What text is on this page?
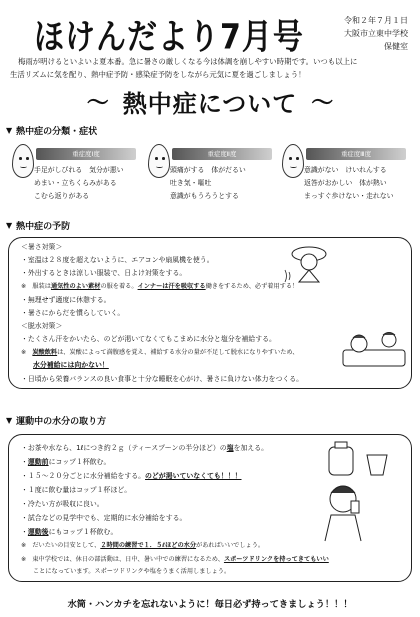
ほけんだより7月号	令和２年７月１日
大阪市立東中学校
保健室
梅雨が明けるといよいよ夏本番。急に暑さの厳しくなる今は体調を崩しやすい時期です。いつも以上に
生活リズムに気を配り、熱中症予防・感染症予防をしながら元気に夏を過ごしましょう！
〜 熱中症について 〜
▼ 熱中症の分類・症状
重症度Ⅰ度
手足がしびれる　気分が悪い
めまい・立ちくらみがある
こむら返りがある
重症度Ⅱ度
頭痛がする　体がだるい
吐き気・嘔吐
意識がもうろうとする
重症度Ⅲ度
意識がない　けいれんする
返答がおかしい　体が熱い
まっすぐ歩けない・走れない
▼ 熱中症の予防
＜暑さ対策＞
・室温は２８度を超えないように、エアコンや扇風機を使う。
・外出するときは涼しい服装で、日よけ対策をする。
※　服装は通気性のよい素材の服を着る。インナーは汗を吸収する働きをするため、必ず着用する！
・無理せず適度に休憩する。
・暑さにからだを慣らしていく。
＜脱水対策＞
・たくさん汗をかいたら、のどが渇いてなくてもこまめに水分と塩分を補給する。
※　炭酸飲料は、炭酸によって満腹感を覚え、補給する水分の量が不足して脱水になりやすいため、
水分補給には向かない！
・日頃から栄養バランスの良い食事と十分な睡眠を心がけ、暑さに負けない体力をつくる。
▼ 運動中の水分の取り方
・お茶や水なら、1ℓにつき約２ｇ（ティースプーンの半分ほど）の塩を加える。
・運動前にコップ１杯飲む。
・１５〜２０分ごとに水分補給をする。のどが渇いていなくても！！！
・１度に飲む量はコップ１杯ほど。
・冷たい方が吸収に良い。
・試合などの見学中でも、定期的に水分補給をする。
・運動後にもコップ１杯飲む。
※　だいたいの目安として、２時間の練習で１．５ℓほどの水分があればいいでしょう。
※　東中学校では、休日の部活動は、日中、暑い中での練習になるため、スポーツドリンクを持ってきてもいい
ことになっています。スポーツドリンクや塩をうまく活用しましょう。
水筒・ハンカチを忘れないように！毎日必ず持ってきましょう！！！
